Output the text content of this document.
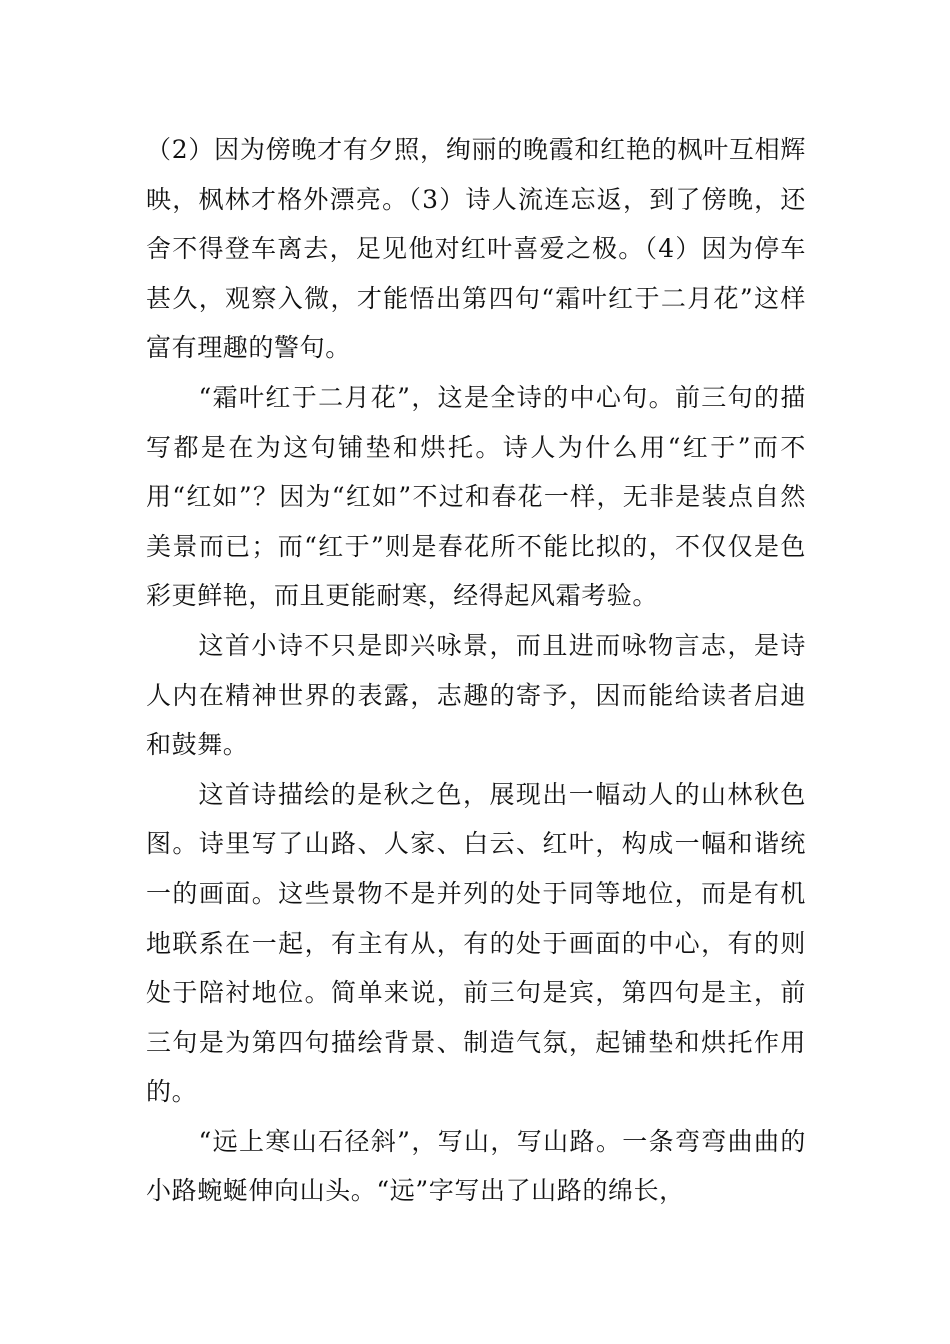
（2）因为傍晚才有夕照，绚丽的晚霞和红艳的枫叶互相辉映，枫林才格外漂亮。（3）诗人流连忘返，到了傍晚，还舍不得登车离去，足见他对红叶喜爱之极。（4）因为停车甚久，观察入微，才能悟出第四句“霜叶红于二月花”这样富有理趣的警句。

“霜叶红于二月花”，这是全诗的中心句。前三句的描写都是在为这句铺垫和烘托。诗人为什么用“红于”而不用“红如”？因为“红如”不过和春花一样，无非是装点自然美景而已；而“红于”则是春花所不能比拟的，不仅仅是色彩更鲜艳，而且更能耐寒，经得起风霜考验。

这首小诗不只是即兴咏景，而且进而咏物言志，是诗人内在精神世界的表露，志趣的寄予，因而能给读者启迪和鼓舞。

这首诗描绘的是秋之色，展现出一幅动人的山林秋色图。诗里写了山路、人家、白云、红叶，构成一幅和谐统一的画面。这些景物不是并列的处于同等地位，而是有机地联系在一起，有主有从，有的处于画面的中心，有的则处于陪衬地位。简单来说，前三句是宾，第四句是主，前三句是为第四句描绘背景、制造气氛，起铺垫和烘托作用的。

“远上寒山石径斜”，写山，写山路。一条弯弯曲曲的小路蜿蜒伸向山头。“远”字写出了山路的绵长，
